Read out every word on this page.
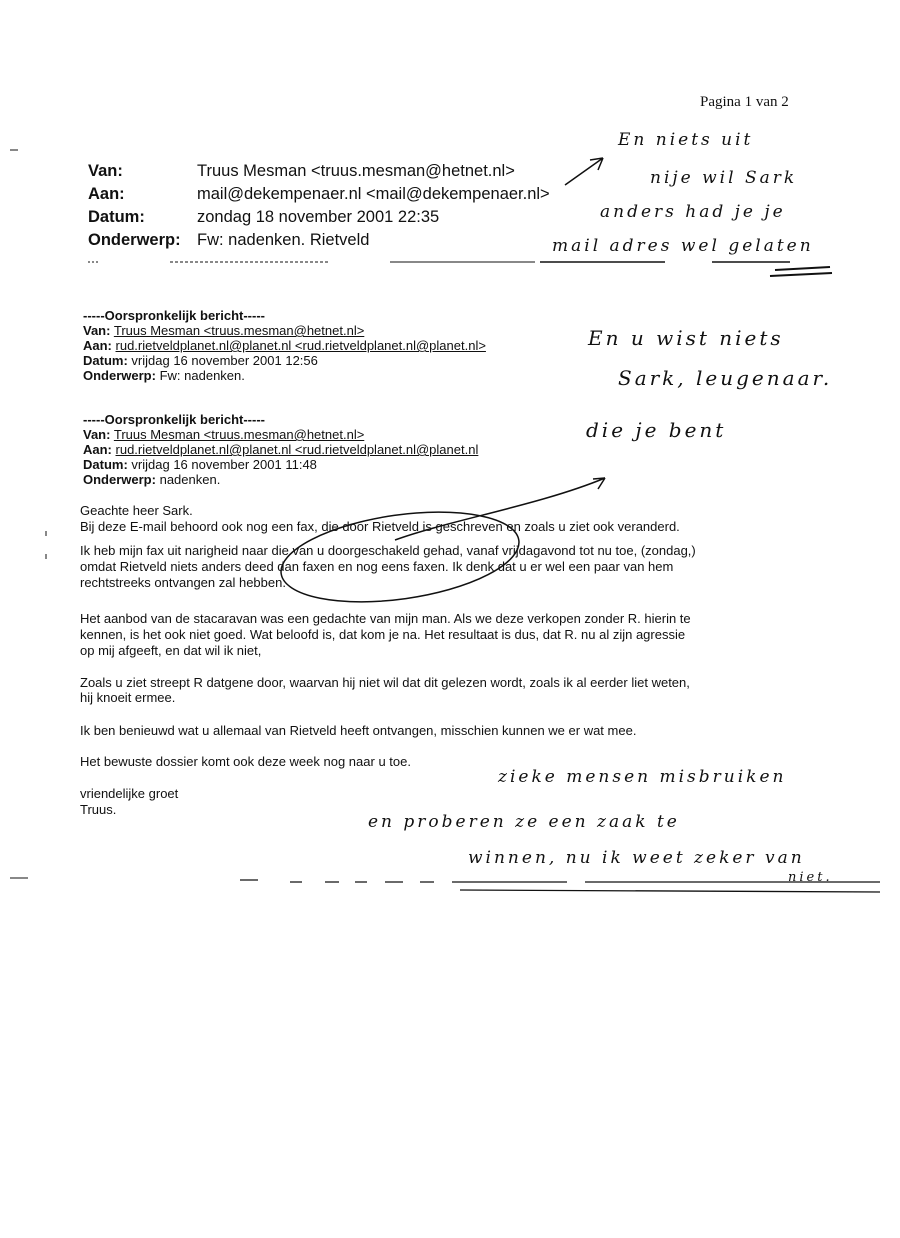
Pagina 1 van 2
Van:	Truus Mesman <truus.mesman@hetnet.nl>
Aan:	mail@dekempenaer.nl <mail@dekempenaer.nl>
Datum:	zondag 18 november 2001 22:35
Onderwerp: Fw: nadenken. Rietveld
-----Oorspronkelijk bericht-----
Van: Truus Mesman <truus.mesman@hetnet.nl>
Aan: rud.rietveldplanet.nl@planet.nl <rud.rietveldplanet.nl@planet.nl>
Datum: vrijdag 16 november 2001 12:56
Onderwerp: Fw: nadenken.
-----Oorspronkelijk bericht-----
Van: Truus Mesman <truus.mesman@hetnet.nl>
Aan: rud.rietveldplanet.nl@planet.nl <rud.rietveldplanet.nl@planet.nl
Datum: vrijdag 16 november 2001 11:48
Onderwerp: nadenken.
Geachte heer Sark.
Bij deze E-mail behoord ook nog een fax, die door Rietveld is geschreven en zoals u ziet ook veranderd.
Ik heb mijn fax uit narigheid naar die van u doorgeschakeld gehad, vanaf vrijdagavond tot nu toe, (zondag,)
omdat Rietveld niets anders deed dan faxen en nog eens faxen. Ik denk dat u er wel een paar van hem
rechtstreeks ontvangen zal hebben.
Het aanbod van de stacaravan was een gedachte van mijn man. Als we deze verkopen zonder R. hierin te
kennen, is het ook niet goed. Wat beloofd is, dat kom je na. Het resultaat is dus, dat R. nu al zijn agressie
op mij afgeeft, en dat wil ik niet,
Zoals u ziet streept R datgene door, waarvan hij niet wil dat dit gelezen wordt, zoals ik al eerder liet weten,
hij knoeit ermee.
Ik ben benieuwd wat u allemaal van Rietveld heeft ontvangen, misschien kunnen we er wat mee.
Het bewuste dossier komt ook deze week nog naar u toe.
vriendelijke groet
Truus.
En niets uit
nije wil Sark
anders had je je
mail adres wel gelaten
En u wist niets
Sark, leugenaar.
die je bent
zieke mensen misbruiken
en proberen ze een zaak te
winnen, nu ik weet zeker van
niet.
